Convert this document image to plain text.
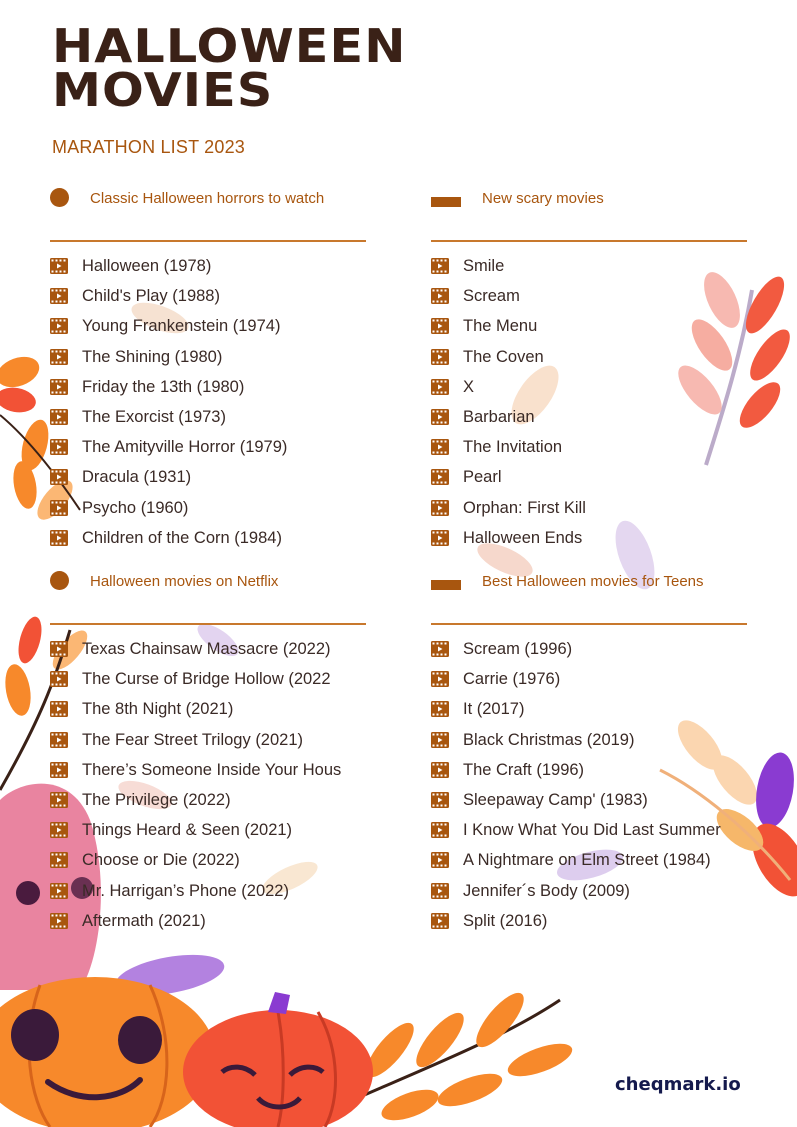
HALLOWEEN
MOVIES
MARATHON LIST 2023
Classic Halloween horrors to watch
Halloween (1978)
Child's Play (1988)
Young Frankenstein (1974)
The Shining (1980)
Friday the 13th (1980)
The Exorcist (1973)
The Amityville Horror (1979)
Dracula (1931)
Psycho (1960)
Children of the Corn (1984)
New scary movies
Smile
Scream
The Menu
The Coven
X
Barbarian
The Invitation
Pearl
Orphan: First Kill
Halloween Ends
Halloween movies on Netflix
Texas Chainsaw Massacre (2022)
The Curse of Bridge Hollow (2022
The 8th Night (2021)
The Fear Street Trilogy (2021)
There’s Someone Inside Your Hous
The Privilege (2022)
Things Heard & Seen (2021)
Choose or Die (2022)
Mr. Harrigan’s Phone (2022)
Aftermath (2021)
Best Halloween movies for Teens
Scream (1996)
Carrie (1976)
It (2017)
Black Christmas (2019)
The Craft (1996)
Sleepaway Camp' (1983)
I Know What You Did Last Summer
A Nightmare on Elm Street (1984)
Jennifer´s Body (2009)
Split (2016)
cheqmark.io
